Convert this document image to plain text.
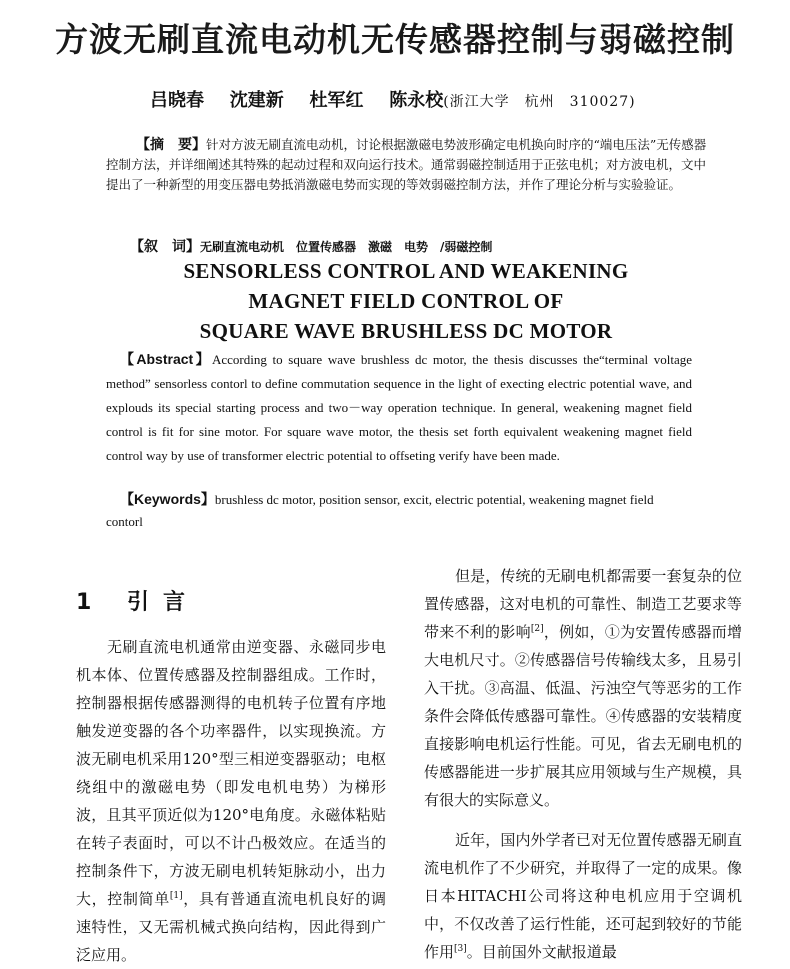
方波无刷直流电动机无传感器控制与弱磁控制
吕晓春 沈建新 杜军红 陈永校(浙江大学　杭州　310027)
【摘　要】针对方波无刷直流电动机，讨论根据激磁电势波形确定电机换向时序的“端电压法”无传感器控制方法，并详细阐述其特殊的起动过程和双向运行技术。通常弱磁控制适用于正弦电机；对方波电机，文中提出了一种新型的用变压器电势抵消激磁电势而实现的等效弱磁控制方法，并作了理论分析与实验验证。
【叙　词】无刷直流电动机　位置传感器　激磁　电势　/弱磁控制
SENSORLESS CONTROL AND WEAKENING
MAGNET FIELD CONTROL OF
SQUARE WAVE BRUSHLESS DC MOTOR
【Abstract】According to square wave brushless dc motor, the thesis discusses the“terminal voltage method” sensorless contorl to define commutation sequence in the light of execting electric potential wave, and explouds its special starting process and two－way operation technique. In general, weakening magnet field control is fit for sine motor. For square wave motor, the thesis set forth equivalent weakening magnet field control way by use of transformer electric potential to offseting verify have been made.
【Keywords】brushless dc motor, position sensor, excit, electric potential, weakening magnet field contorl
1 引言

无刷直流电机通常由逆变器、永磁同步电机本体、位置传感器及控制器组成。工作时，控制器根据传感器测得的电机转子位置有序地触发逆变器的各个功率器件，以实现换流。方波无刷电机采用120°型三相逆变器驱动；电枢绕组中的激磁电势（即发电机电势）为梯形波，且其平顶近似为120°电角度。永磁体粘贴在转子表面时，可以不计凸极效应。在适当的控制条件下，方波无刷电机转矩脉动小，出力大，控制简单[1]，具有普通直流电机良好的调速特性，又无需机械式换向结构，因此得到广泛应用。

但是，传统的无刷电机都需要一套复杂的位置传感器，这对电机的可靠性、制造工艺要求等带来不利的影响[2]，例如，①为安置传感器而增大电机尺寸。②传感器信号传输线太多，且易引入干扰。③高温、低温、污浊空气等恶劣的工作条件会降低传感器可靠性。④传感器的安装精度直接影响电机运行性能。可见，省去无刷电机的传感器能进一步扩展其应用领域与生产规模，具有很大的实际意义。

近年，国内外学者已对无位置传感器无刷直流电机作了不少研究，并取得了一定的成果。像日本HITACHI公司将这种电机应用于空调机中，不仅改善了运行性能，还可起到较好的节能作用[3]。目前国外文献报道最
